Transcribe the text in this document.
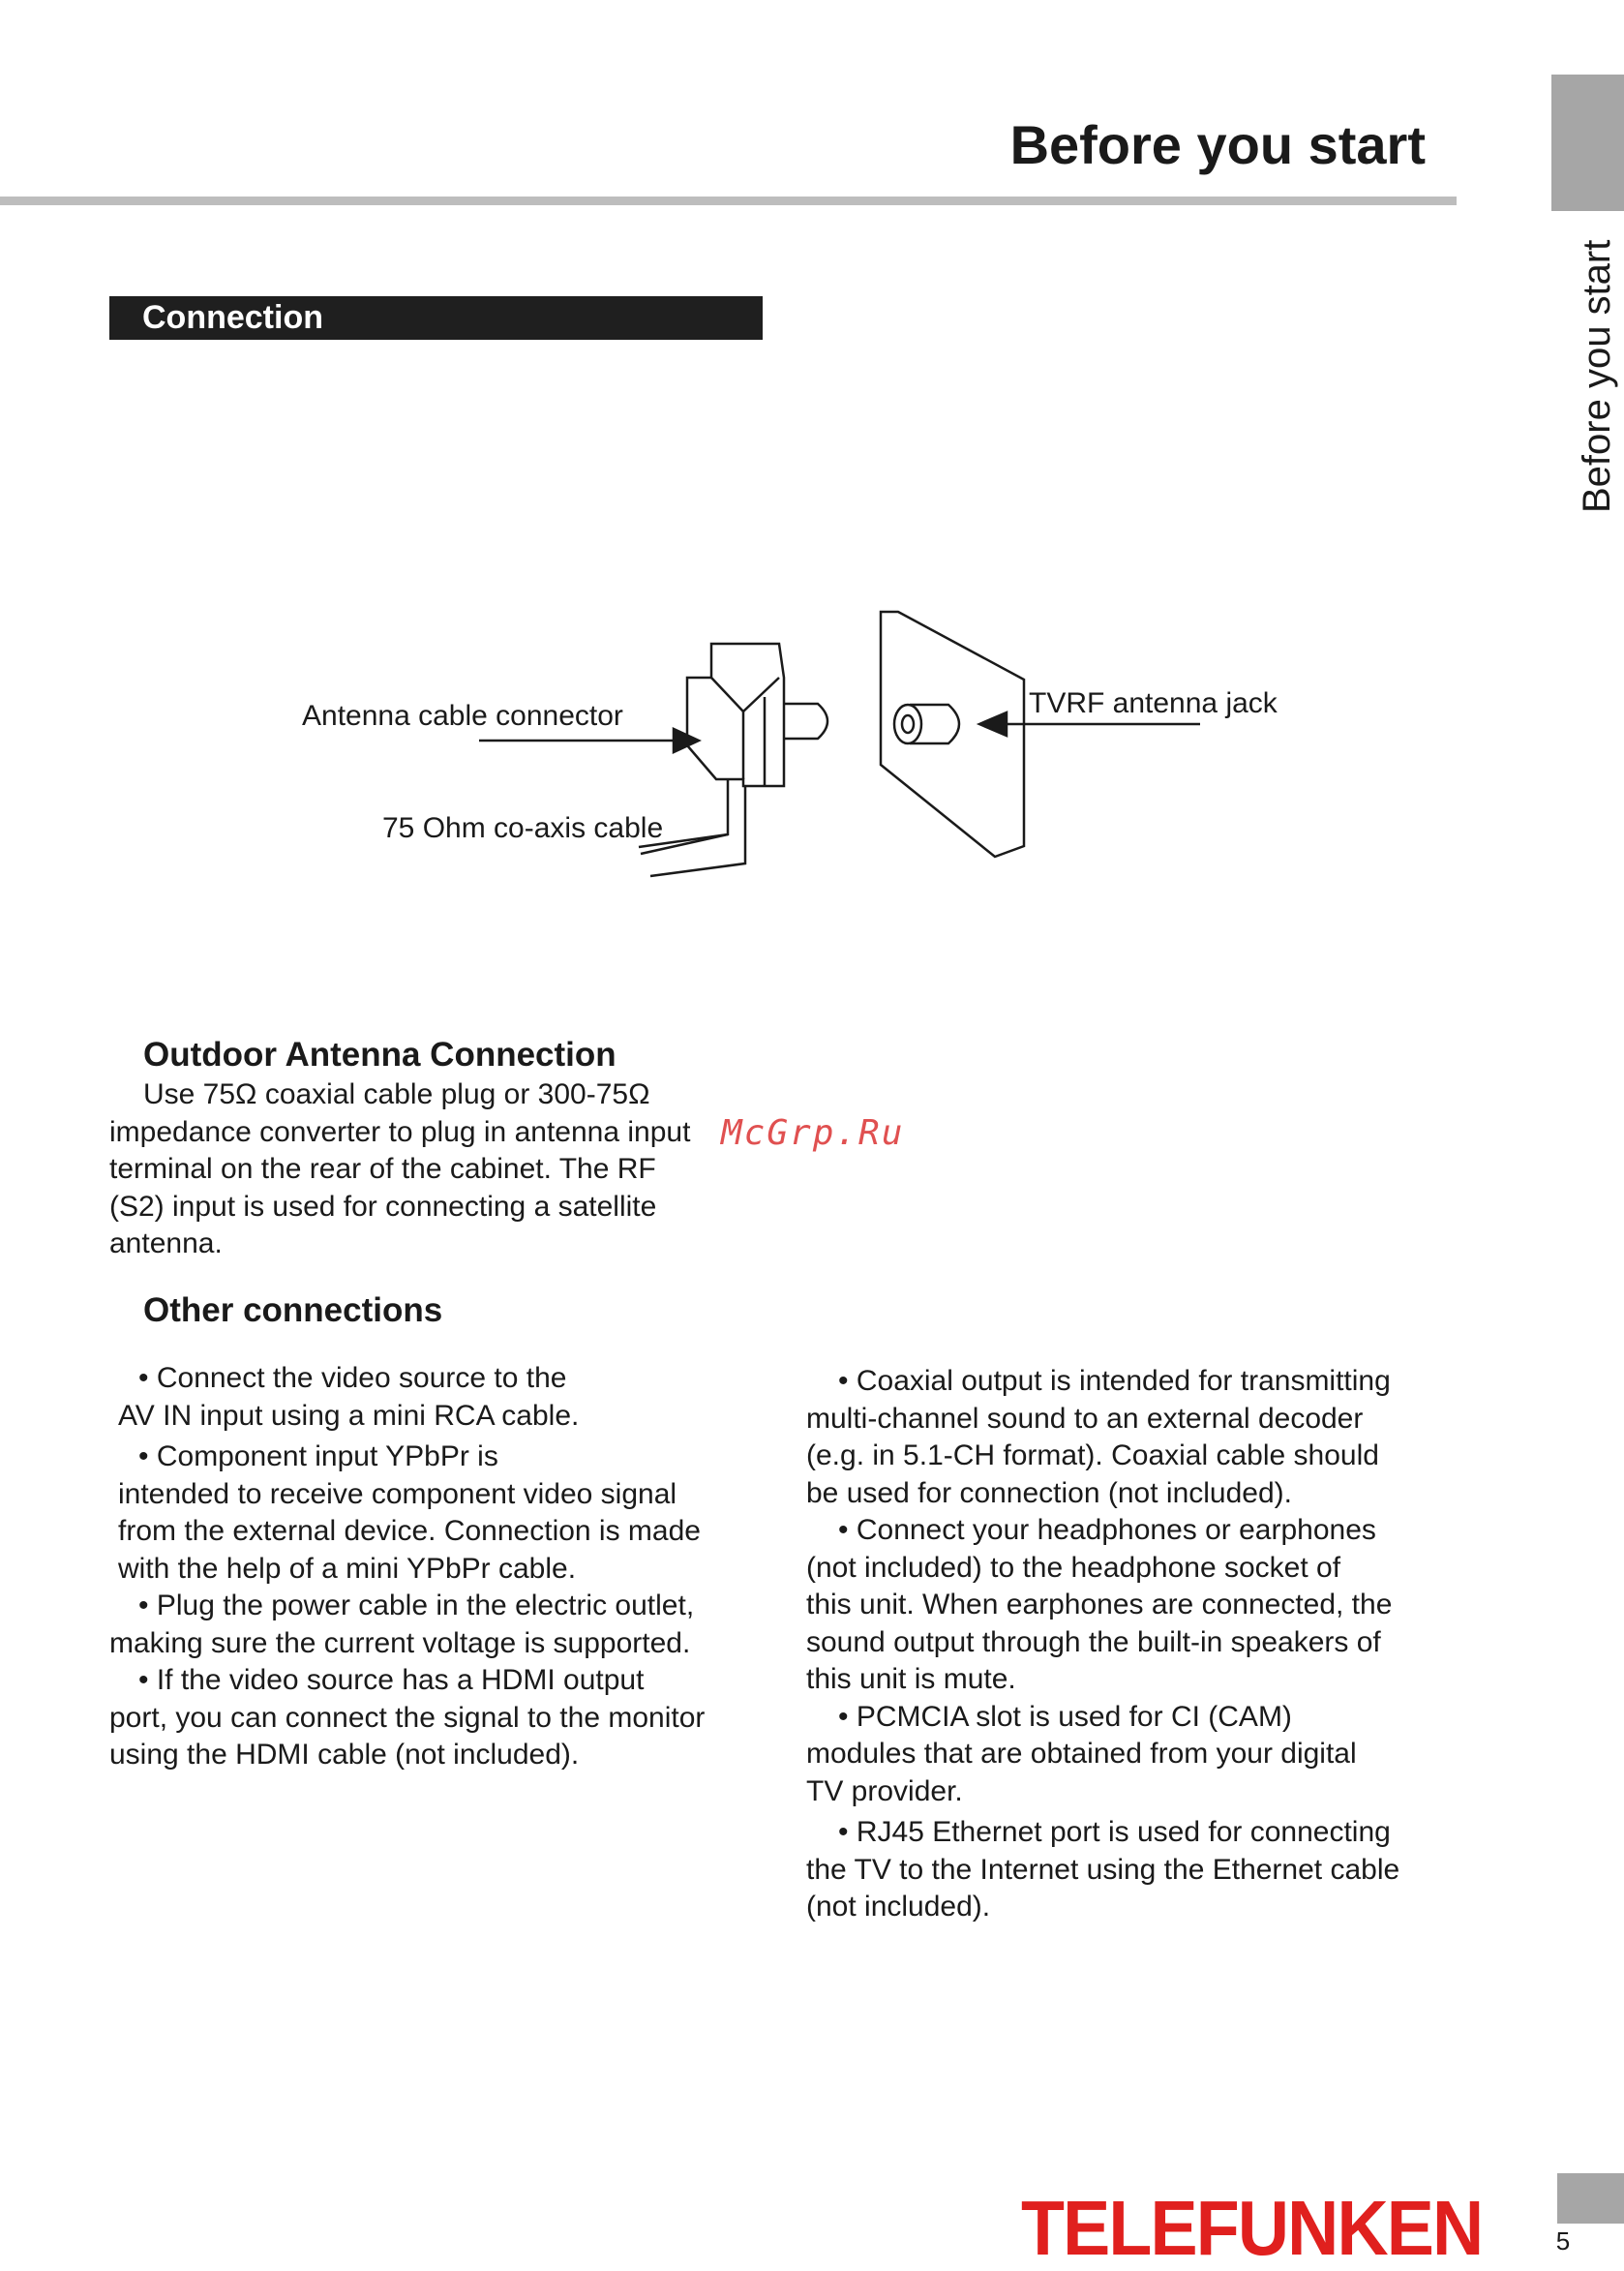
Before you start
Before you start
Connection
Antenna cable connector
75 Ohm co-axis cable
TVRF antenna jack
Outdoor Antenna Connection

Use 75Ω coaxial cable plug or 300-75Ω

impedance converter to plug in antenna input

terminal on the rear of the cabinet. The RF

(S2) input is used for connecting a satellite

antenna.

McGrp.Ru
Other connections

• Connect the video source to the

AV IN input using a mini RCA cable.

• Component input YPbPr is

intended to receive component video signal

from the external device. Connection is made

with the help of a mini YPbPr cable.

• Plug the power cable in the electric outlet,

making sure the current voltage is supported.

• If the video source has a HDMI output

port, you can connect the signal to the monitor

using the HDMI cable (not included).

• Coaxial output is intended for transmitting

multi-channel sound to an external decoder

(e.g. in 5.1-CH format). Coaxial cable should

be used for connection (not included).

• Connect your headphones or earphones

(not included) to the headphone socket of

this unit. When earphones are connected, the

sound output through the built-in speakers of

this unit is mute.

• PCMCIA slot is used for CI (CAM)

modules that are obtained from your digital

TV provider.

• RJ45 Ethernet port is used for connecting

the TV to the Internet using the Ethernet cable

(not included).

TELEFUNKEN	5
